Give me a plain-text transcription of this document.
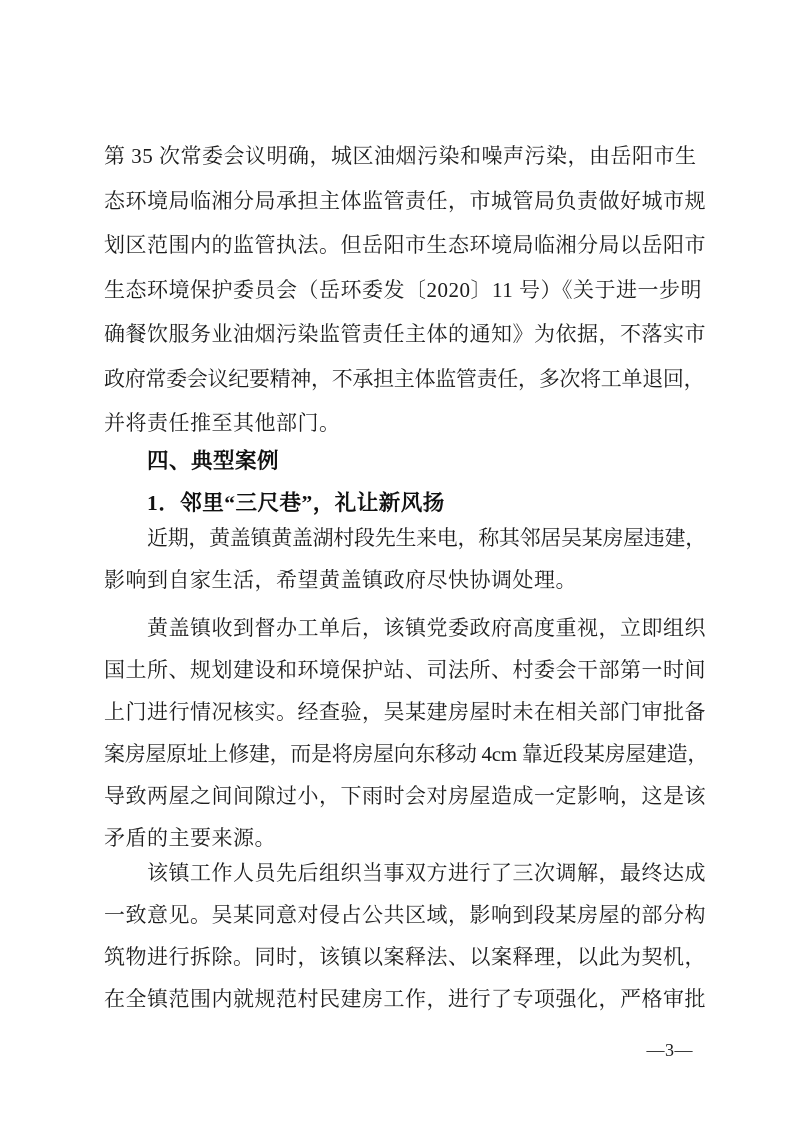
第 35 次常委会议明确，城区油烟污染和噪声污染，由岳阳市生
态环境局临湘分局承担主体监管责任，市城管局负责做好城市规
划区范围内的监管执法。但岳阳市生态环境局临湘分局以岳阳市
生态环境保护委员会（岳环委发〔2020〕11 号）《关于进一步明
确餐饮服务业油烟污染监管责任主体的通知》为依据，不落实市
政府常委会议纪要精神，不承担主体监管责任，多次将工单退回，
并将责任推至其他部门。
四、典型案例
1．邻里“三尺巷”，礼让新风扬
近期，黄盖镇黄盖湖村段先生来电，称其邻居吴某房屋违建，
影响到自家生活，希望黄盖镇政府尽快协调处理。
黄盖镇收到督办工单后，该镇党委政府高度重视，立即组织
国土所、规划建设和环境保护站、司法所、村委会干部第一时间
上门进行情况核实。经查验，吴某建房屋时未在相关部门审批备
案房屋原址上修建，而是将房屋向东移动 4cm 靠近段某房屋建造，
导致两屋之间间隙过小，下雨时会对房屋造成一定影响，这是该
矛盾的主要来源。
该镇工作人员先后组织当事双方进行了三次调解，最终达成
一致意见。吴某同意对侵占公共区域，影响到段某房屋的部分构
筑物进行拆除。同时，该镇以案释法、以案释理，以此为契机，
在全镇范围内就规范村民建房工作，进行了专项强化，严格审批
—3—
